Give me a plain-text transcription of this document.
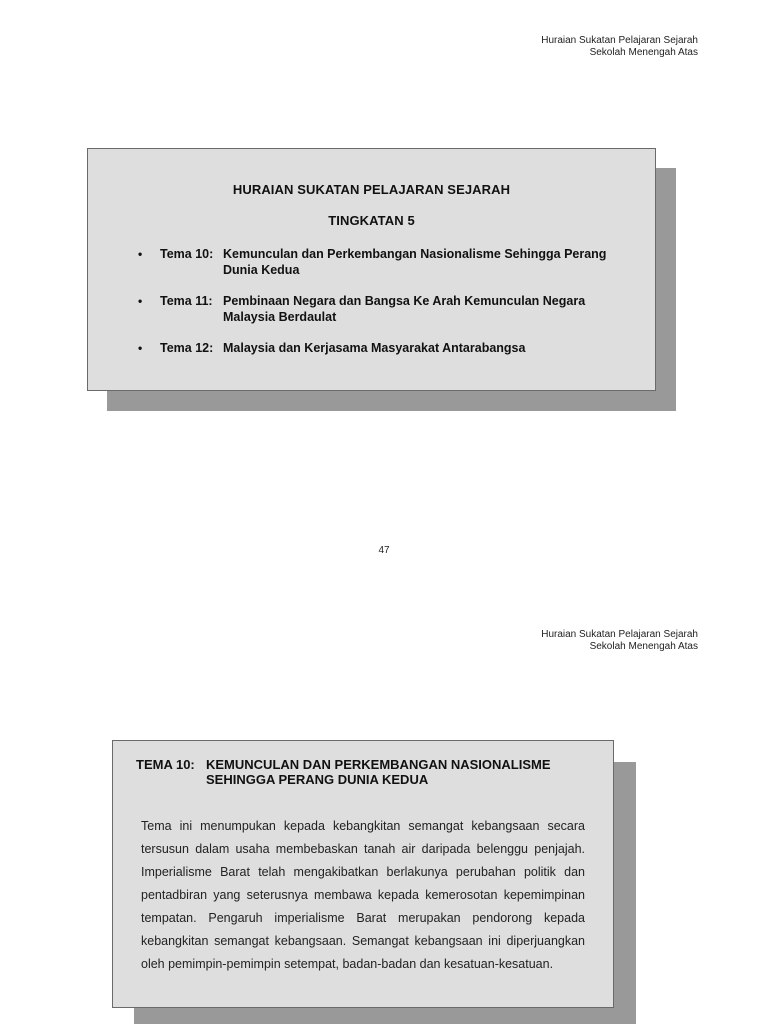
Huraian Sukatan Pelajaran Sejarah
Sekolah Menengah Atas
HURAIAN SUKATAN PELAJARAN SEJARAH
TINGKATAN 5
•	Tema 10: Kemunculan dan Perkembangan Nasionalisme Sehingga Perang Dunia Kedua
•	Tema 11: Pembinaan Negara dan Bangsa Ke Arah Kemunculan Negara Malaysia Berdaulat
•	Tema 12: Malaysia dan Kerjasama Masyarakat Antarabangsa
47
Huraian Sukatan Pelajaran Sejarah
Sekolah Menengah Atas
TEMA 10: KEMUNCULAN DAN PERKEMBANGAN NASIONALISME SEHINGGA PERANG DUNIA KEDUA
Tema ini menumpukan kepada kebangkitan semangat kebangsaan secara tersusun dalam usaha membebaskan tanah air daripada belenggu penjajah. Imperialisme Barat telah mengakibatkan berlakunya perubahan politik dan pentadbiran yang seterusnya membawa kepada kemerosotan kepemimpinan tempatan. Pengaruh imperialisme Barat merupakan pendorong kepada kebangkitan semangat kebangsaan. Semangat kebangsaan ini diperjuangkan oleh pemimpin-pemimpin setempat, badan-badan dan kesatuan-kesatuan.
